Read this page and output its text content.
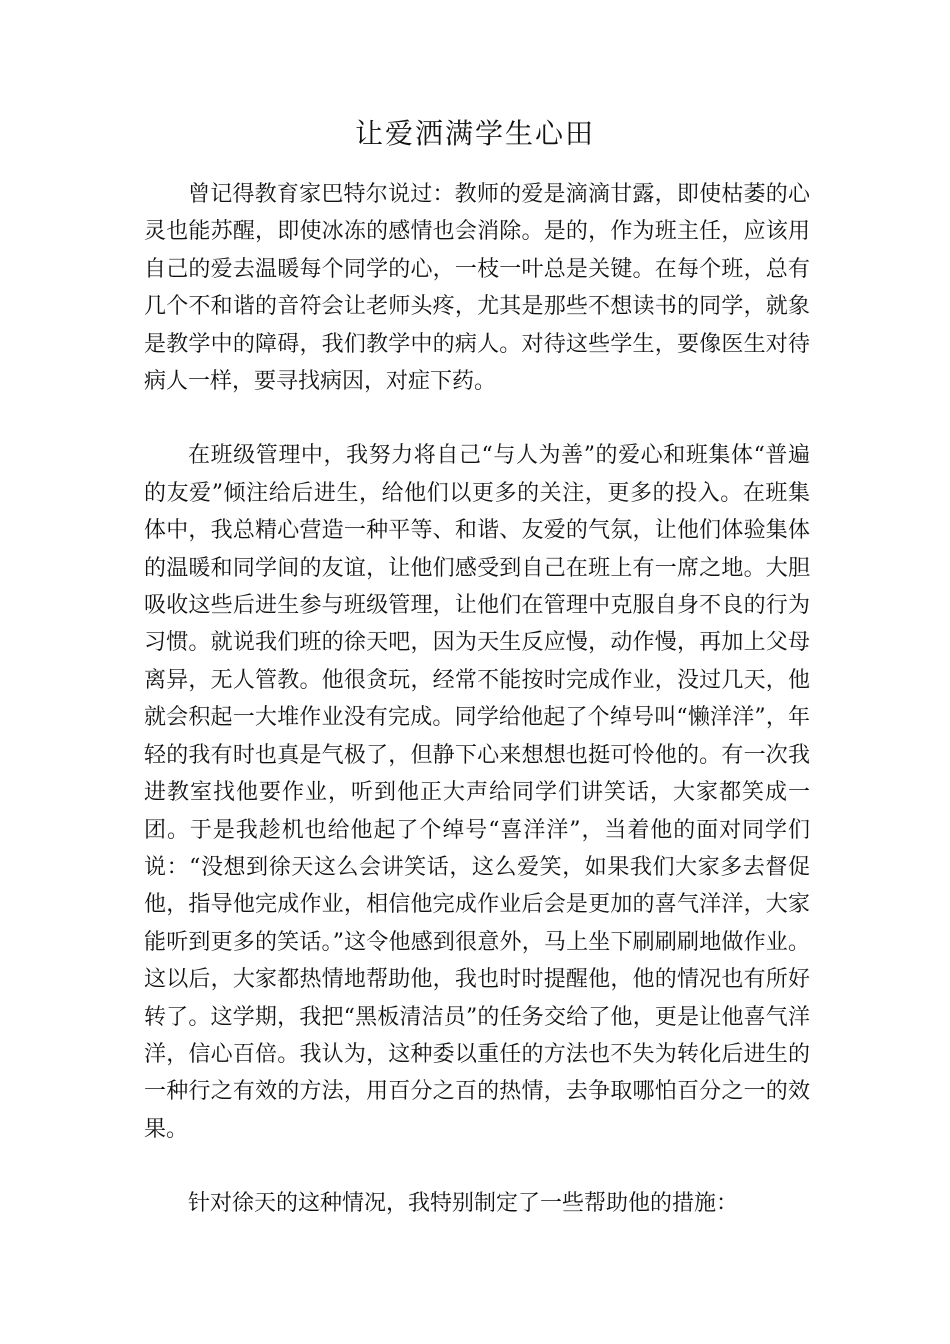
让爱洒满学生心田

曾记得教育家巴特尔说过：教师的爱是滴滴甘露，即使枯萎的心灵也能苏醒，即使冰冻的感情也会消除。是的，作为班主任，应该用自己的爱去温暖每个同学的心，一枝一叶总是关键。在每个班，总有几个不和谐的音符会让老师头疼，尤其是那些不想读书的同学，就象是教学中的障碍，我们教学中的病人。对待这些学生，要像医生对待病人一样，要寻找病因，对症下药。

在班级管理中，我努力将自己“与人为善”的爱心和班集体“普遍的友爱”倾注给后进生，给他们以更多的关注，更多的投入。在班集体中，我总精心营造一种平等、和谐、友爱的气氛，让他们体验集体的温暖和同学间的友谊，让他们感受到自己在班上有一席之地。大胆吸收这些后进生参与班级管理，让他们在管理中克服自身不良的行为习惯。就说我们班的徐天吧，因为天生反应慢，动作慢，再加上父母离异，无人管教。他很贪玩，经常不能按时完成作业，没过几天，他就会积起一大堆作业没有完成。同学给他起了个绰号叫“懒洋洋”，年轻的我有时也真是气极了，但静下心来想想也挺可怜他的。有一次我进教室找他要作业，听到他正大声给同学们讲笑话，大家都笑成一团。于是我趁机也给他起了个绰号“喜洋洋”，当着他的面对同学们说：“没想到徐天这么会讲笑话，这么爱笑，如果我们大家多去督促他，指导他完成作业，相信他完成作业后会是更加的喜气洋洋，大家能听到更多的笑话。”这令他感到很意外，马上坐下刷刷刷地做作业。这以后，大家都热情地帮助他，我也时时提醒他，他的情况也有所好转了。这学期，我把“黑板清洁员”的任务交给了他，更是让他喜气洋洋，信心百倍。我认为，这种委以重任的方法也不失为转化后进生的一种行之有效的方法，用百分之百的热情，去争取哪怕百分之一的效果。

针对徐天的这种情况，我特别制定了一些帮助他的措施：
